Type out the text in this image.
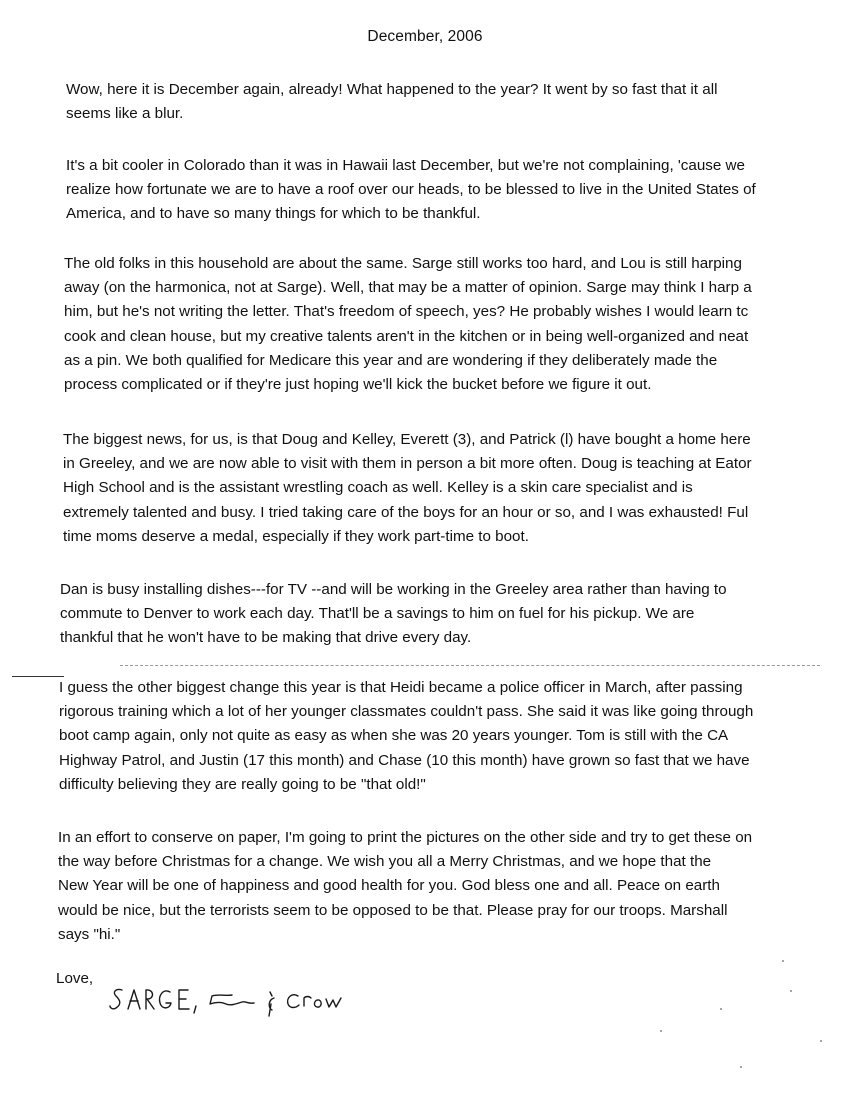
December, 2006
Wow, here it is December again, already! What happened to the year? It went by so fast that it all
seems like a blur.
It's a bit cooler in Colorado than it was in Hawaii last December, but we're not complaining, 'cause we
realize how fortunate we are to have a roof over our heads, to be blessed to live in the United States of
America, and to have so many things for which to be thankful.
The old folks in this household are about the same. Sarge still works too hard, and Lou is still harping
away (on the harmonica, not at Sarge). Well, that may be a matter of opinion. Sarge may think I harp a
him, but he's not writing the letter. That's freedom of speech, yes? He probably wishes I would learn tc
cook and clean house, but my creative talents aren't in the kitchen or in being well-organized and neat
as a pin. We both qualified for Medicare this year and are wondering if they deliberately made the
process complicated or if they're just hoping we'll kick the bucket before we figure it out.
The biggest news, for us, is that Doug and Kelley, Everett (3), and Patrick (l) have bought a home here
in Greeley, and we are now able to visit with them in person a bit more often. Doug is teaching at Eator
High School and is the assistant wrestling coach as well. Kelley is a skin care specialist and is
extremely talented and busy. I tried taking care of the boys for an hour or so, and I was exhausted! Ful
time moms deserve a medal, especially if they work part-time to boot.
Dan is busy installing dishes---for TV --and will be working in the Greeley area rather than having to
commute to Denver to work each day. That'll be a savings to him on fuel for his pickup. We are
thankful that he won't have to be making that drive every day.
I guess the other biggest change this year is that Heidi became a police officer in March, after passing
rigorous training which a lot of her younger classmates couldn't pass. She said it was like going through
boot camp again, only not quite as easy as when she was 20 years younger. Tom is still with the CA
Highway Patrol, and Justin (17 this month) and Chase (10 this month) have grown so fast that we have
difficulty believing they are really going to be "that old!"
In an effort to conserve on paper, I'm going to print the pictures on the other side and try to get these on
the way before Christmas for a change. We wish you all a Merry Christmas, and we hope that the
New Year will be one of happiness and good health for you. God bless one and all. Peace on earth
would be nice, but the terrorists seem to be opposed to be that. Please pray for our troops. Marshall
says "hi."
Love,
